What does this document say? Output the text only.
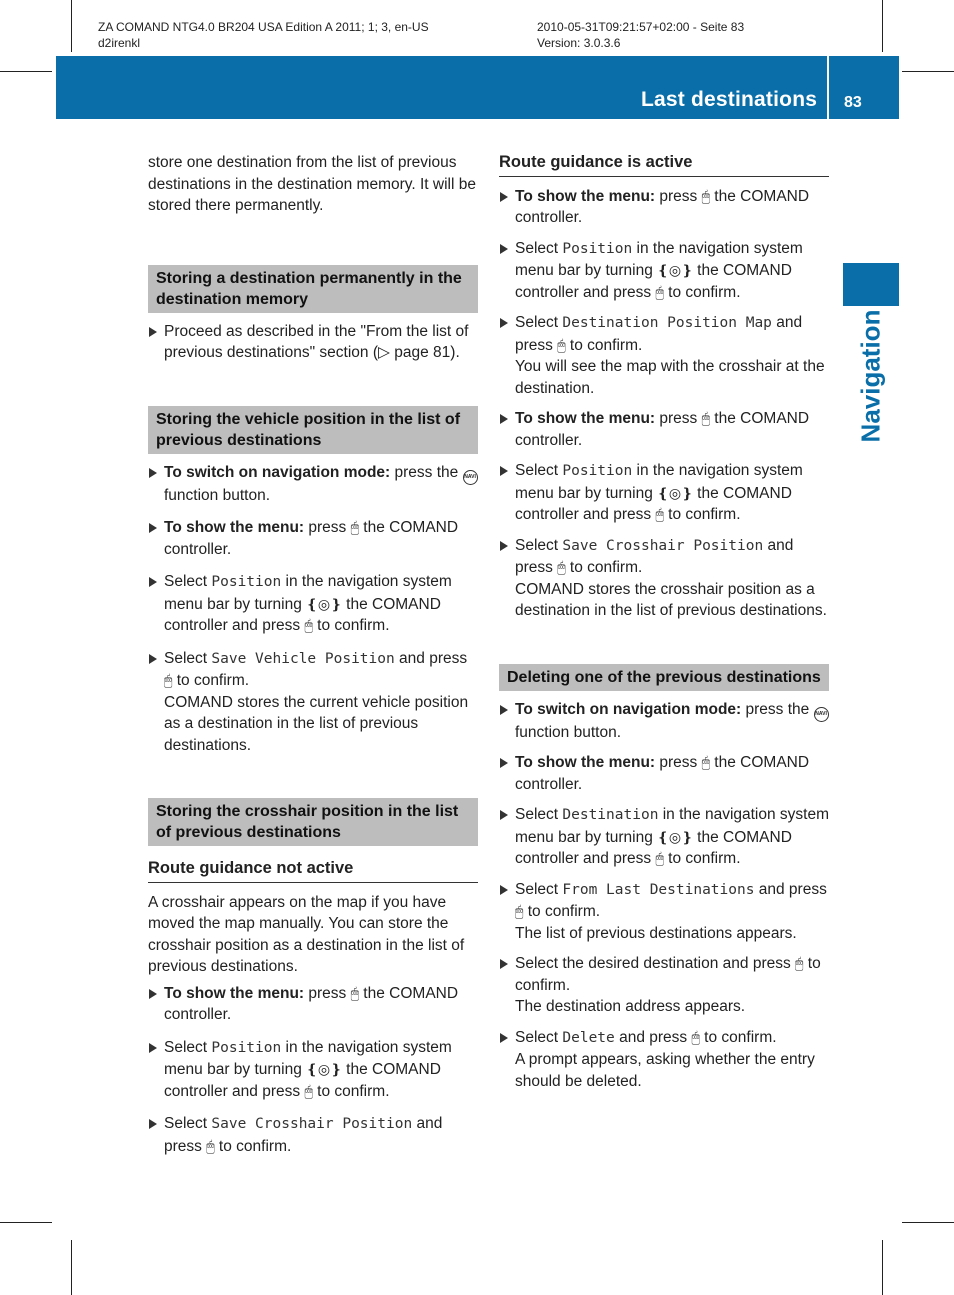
ZA COMAND NTG4.0 BR204 USA Edition A 2011; 1; 3, en-US
d2irenkl
2010-05-31T09:21:57+02:00 - Seite 83
Version: 3.0.3.6
Last destinations 83
Navigation

store one destination from the list of previous destinations in the destination memory. It will be stored there permanently.

Storing a destination permanently in the destination memory

Proceed as described in the "From the list of previous destinations" section (▷ page 81).

Storing the vehicle position in the list of previous destinations

To switch on navigation mode: press the NAVI function button.

To show the menu: press 🖱 the COMAND controller.

Select Position in the navigation system menu bar by turning ❴◎❵ the COMAND controller and press 🖱 to confirm.

Select Save Vehicle Position and press 🖱 to confirm.

COMAND stores the current vehicle position as a destination in the list of previous destinations.

Storing the crosshair position in the list of previous destinations
Route guidance not active

A crosshair appears on the map if you have moved the map manually. You can store the crosshair position as a destination in the list of previous destinations.

To show the menu: press 🖱 the COMAND controller.

Select Position in the navigation system menu bar by turning ❴◎❵ the COMAND controller and press 🖱 to confirm.

Select Save Crosshair Position and press 🖱 to confirm.

Route guidance is active

To show the menu: press 🖱 the COMAND controller.

Select Position in the navigation system menu bar by turning ❴◎❵ the COMAND controller and press 🖱 to confirm.

Select Destination Position Map and press 🖱 to confirm.

You will see the map with the crosshair at the destination.

To show the menu: press 🖱 the COMAND controller.

Select Position in the navigation system menu bar by turning ❴◎❵ the COMAND controller and press 🖱 to confirm.

Select Save Crosshair Position and press 🖱 to confirm.

COMAND stores the crosshair position as a destination in the list of previous destinations.

Deleting one of the previous destinations

To switch on navigation mode: press the NAVI function button.

To show the menu: press 🖱 the COMAND controller.

Select Destination in the navigation system menu bar by turning ❴◎❵ the COMAND controller and press 🖱 to confirm.

Select From Last Destinations and press 🖱 to confirm.

The list of previous destinations appears.

Select the desired destination and press 🖱 to confirm.

The destination address appears.

Select Delete and press 🖱 to confirm.

A prompt appears, asking whether the entry should be deleted.
